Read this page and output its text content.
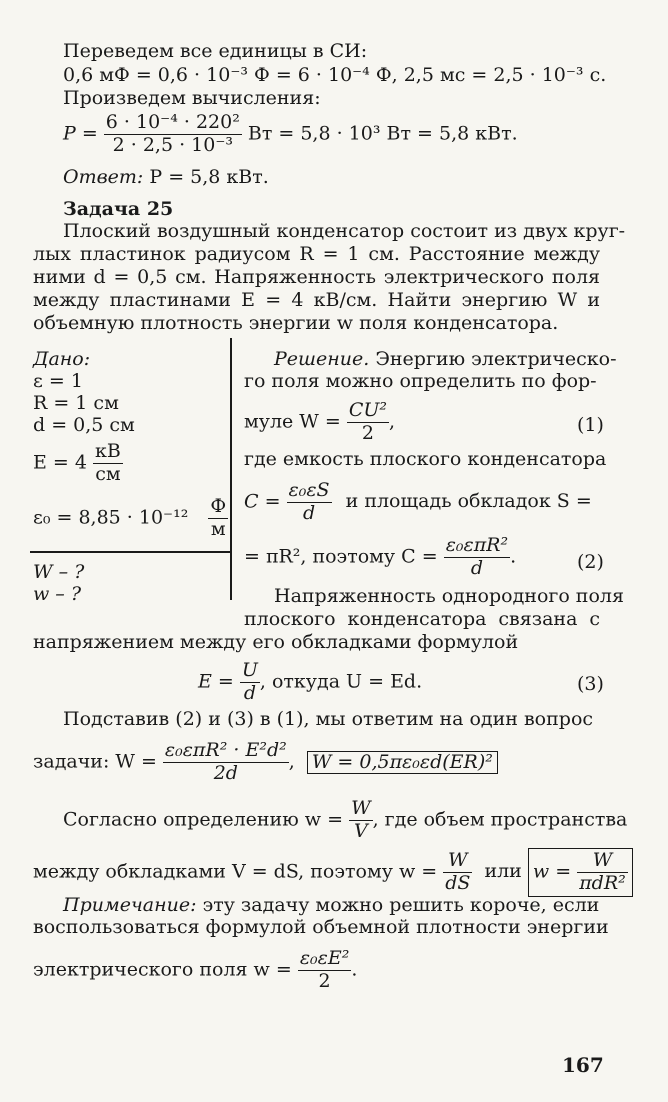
Переведем все единицы в СИ:
0,6 мФ = 0,6 · 10⁻³ Ф = 6 · 10⁻⁴ Ф, 2,5 мс = 2,5 · 10⁻³ с.
Произведем вычисления:
$P = \frac{\text{6 · 10⁻⁴ · 220²}}{\text{2 · 2,5 · 10⁻³}}$ Вт = 5,8 · 10³ Вт = 5,8 кВт.
Ответ: P = 5,8 кВт.
Задача 25
Плоский воздушный конденсатор состоит из двух круг-
лых пластинок радиусом R = 1 см. Расстояние между
ними d = 0,5 см. Напряженность электрического поля
между пластинами E = 4 кВ/см. Найти энергию W и
объемную плотность энергии w поля конденсатора.
Дано:
ε = 1
R = 1 см
d = 0,5 см
$E = 4 \frac{кВ}{см}$
$\varepsilon_0 = 8,85 \cdot 10^{-12} \frac{Ф}{м}$
W – ?
w – ?
Решение. Энергию электрическо-
го поля можно определить по фор-
муле $W = \frac{\text{CU²}}{2}$ ,	(1)
где емкость плоского конденсатора
$C = \frac{\text{ε₀εS}}{d}$ и площадь обкладок S =
= πR², поэтому $C = \frac{\text{ε₀επR²}}{d}$ .	(2)
Напряженность однородного поля
плоского конденсатора связана с
напряжением между его обкладками формулой
$E = \frac{U}{d}$ , откуда U = Ed.	(3)
Подставив (2) и (3) в (1), мы ответим на один вопрос
задачи: $W = \frac{\text{ε₀επR² · E²d²}}{2d}$ , W = 0,5πε₀εd(ER)²
Согласно определению $w = \frac{W}{V}$ , где объем пространства
между обкладками V = dS, поэтому $w = \frac{W}{dS}$ или $w = \frac{W}{\text{πdR²}}$
Примечание: эту задачу можно решить короче, если
воспользоваться формулой объемной плотности энергии
электрического поля $w = \frac{\text{ε₀εE²}}{2}$ .
167
